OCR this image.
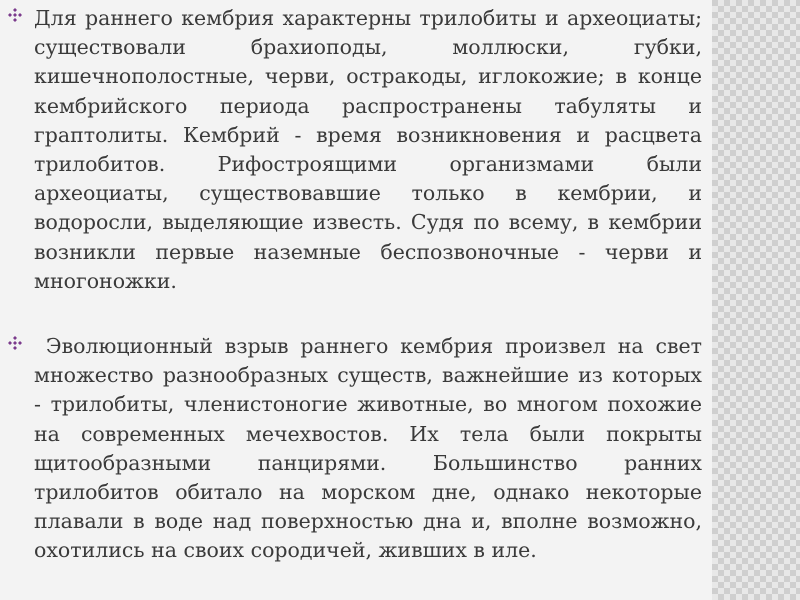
Для раннего кембрия характерны трилобиты и археоциаты; существовали брахиоподы, моллюски, губки, кишечнополостные, черви, остракоды, иглокожие; в конце кембрийского периода распространены табуляты и граптолиты. Кембрий - время возникновения и расцвета трилобитов. Рифостроящими организмами были археоциаты, существовавшие только в кембрии, и водоросли, выделяющие известь. Судя по всему, в кембрии возникли первые наземные беспозвоночные - черви и многоножки.

Эволюционный взрыв раннего кембрия произвел на свет множество разнообразных существ, важнейшие из которых - трилобиты, членистоногие животные, во многом похожие на современных мечехвостов. Их тела были покрыты щитообразными панцирями. Большинство ранних трилобитов обитало на морском дне, однако некоторые плавали в воде над поверхностью дна и, вполне возможно, охотились на своих сородичей, живших в иле.
